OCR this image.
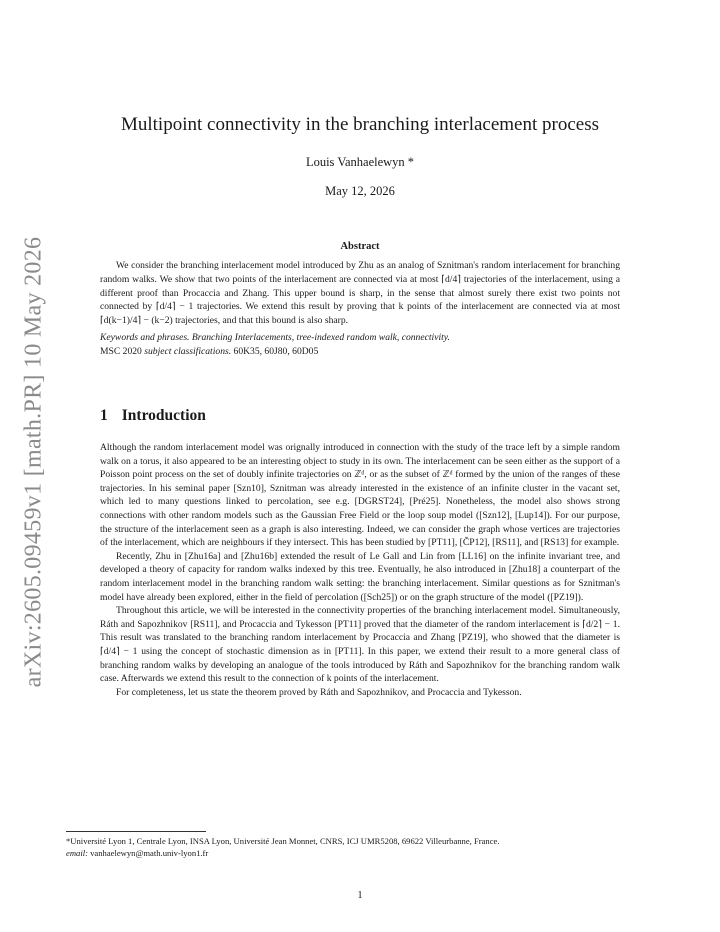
arXiv:2605.09459v1 [math.PR] 10 May 2026
Multipoint connectivity in the branching interlacement process
Louis Vanhaelewyn *
May 12, 2026
Abstract
We consider the branching interlacement model introduced by Zhu as an analog of Sznitman's random interlacement for branching random walks. We show that two points of the interlacement are connected via at most ⌈d/4⌉ trajectories of the interlacement, using a different proof than Procaccia and Zhang. This upper bound is sharp, in the sense that almost surely there exist two points not connected by ⌈d/4⌉ − 1 trajectories. We extend this result by proving that k points of the interlacement are connected via at most ⌈d(k−1)/4⌉ − (k−2) trajectories, and that this bound is also sharp.
Keywords and phrases. Branching Interlacements, tree-indexed random walk, connectivity.
MSC 2020 subject classifications. 60K35, 60J80, 60D05
1 Introduction

Although the random interlacement model was orignally introduced in connection with the study of the trace left by a simple random walk on a torus, it also appeared to be an interesting object to study in its own. The interlacement can be seen either as the support of a Poisson point process on the set of doubly infinite trajectories on ℤᵈ, or as the subset of ℤᵈ formed by the union of the ranges of these trajectories. In his seminal paper [Szn10], Sznitman was already interested in the existence of an infinite cluster in the vacant set, which led to many questions linked to percolation, see e.g. [DGRST24], [Pré25]. Nonetheless, the model also shows strong connections with other random models such as the Gaussian Free Field or the loop soup model ([Szn12], [Lup14]). For our purpose, the structure of the interlacement seen as a graph is also interesting. Indeed, we can consider the graph whose vertices are trajectories of the interlacement, which are neighbours if they intersect. This has been studied by [PT11], [ČP12], [RS11], and [RS13] for example.

Recently, Zhu in [Zhu16a] and [Zhu16b] extended the result of Le Gall and Lin from [LL16] on the infinite invariant tree, and developed a theory of capacity for random walks indexed by this tree. Eventually, he also introduced in [Zhu18] a counterpart of the random interlacement model in the branching random walk setting: the branching interlacement. Similar questions as for Sznitman's model have already been explored, either in the field of percolation ([Sch25]) or on the graph structure of the model ([PZ19]).

Throughout this article, we will be interested in the connectivity properties of the branching interlacement model. Simultaneously, Ráth and Sapozhnikov [RS11], and Procaccia and Tykesson [PT11] proved that the diameter of the random interlacement is ⌈d/2⌉ − 1. This result was translated to the branching random interlacement by Procaccia and Zhang [PZ19], who showed that the diameter is ⌈d/4⌉ − 1 using the concept of stochastic dimension as in [PT11]. In this paper, we extend their result to a more general class of branching random walks by developing an analogue of the tools introduced by Ráth and Sapozhnikov for the branching random walk case. Afterwards we extend this result to the connection of k points of the interlacement.

For completeness, let us state the theorem proved by Ráth and Sapozhnikov, and Procaccia and Tykesson.

*Université Lyon 1, Centrale Lyon, INSA Lyon, Université Jean Monnet, CNRS, ICJ UMR5208, 69622 Villeurbanne, France.
email: vanhaelewyn@math.univ-lyon1.fr
1
